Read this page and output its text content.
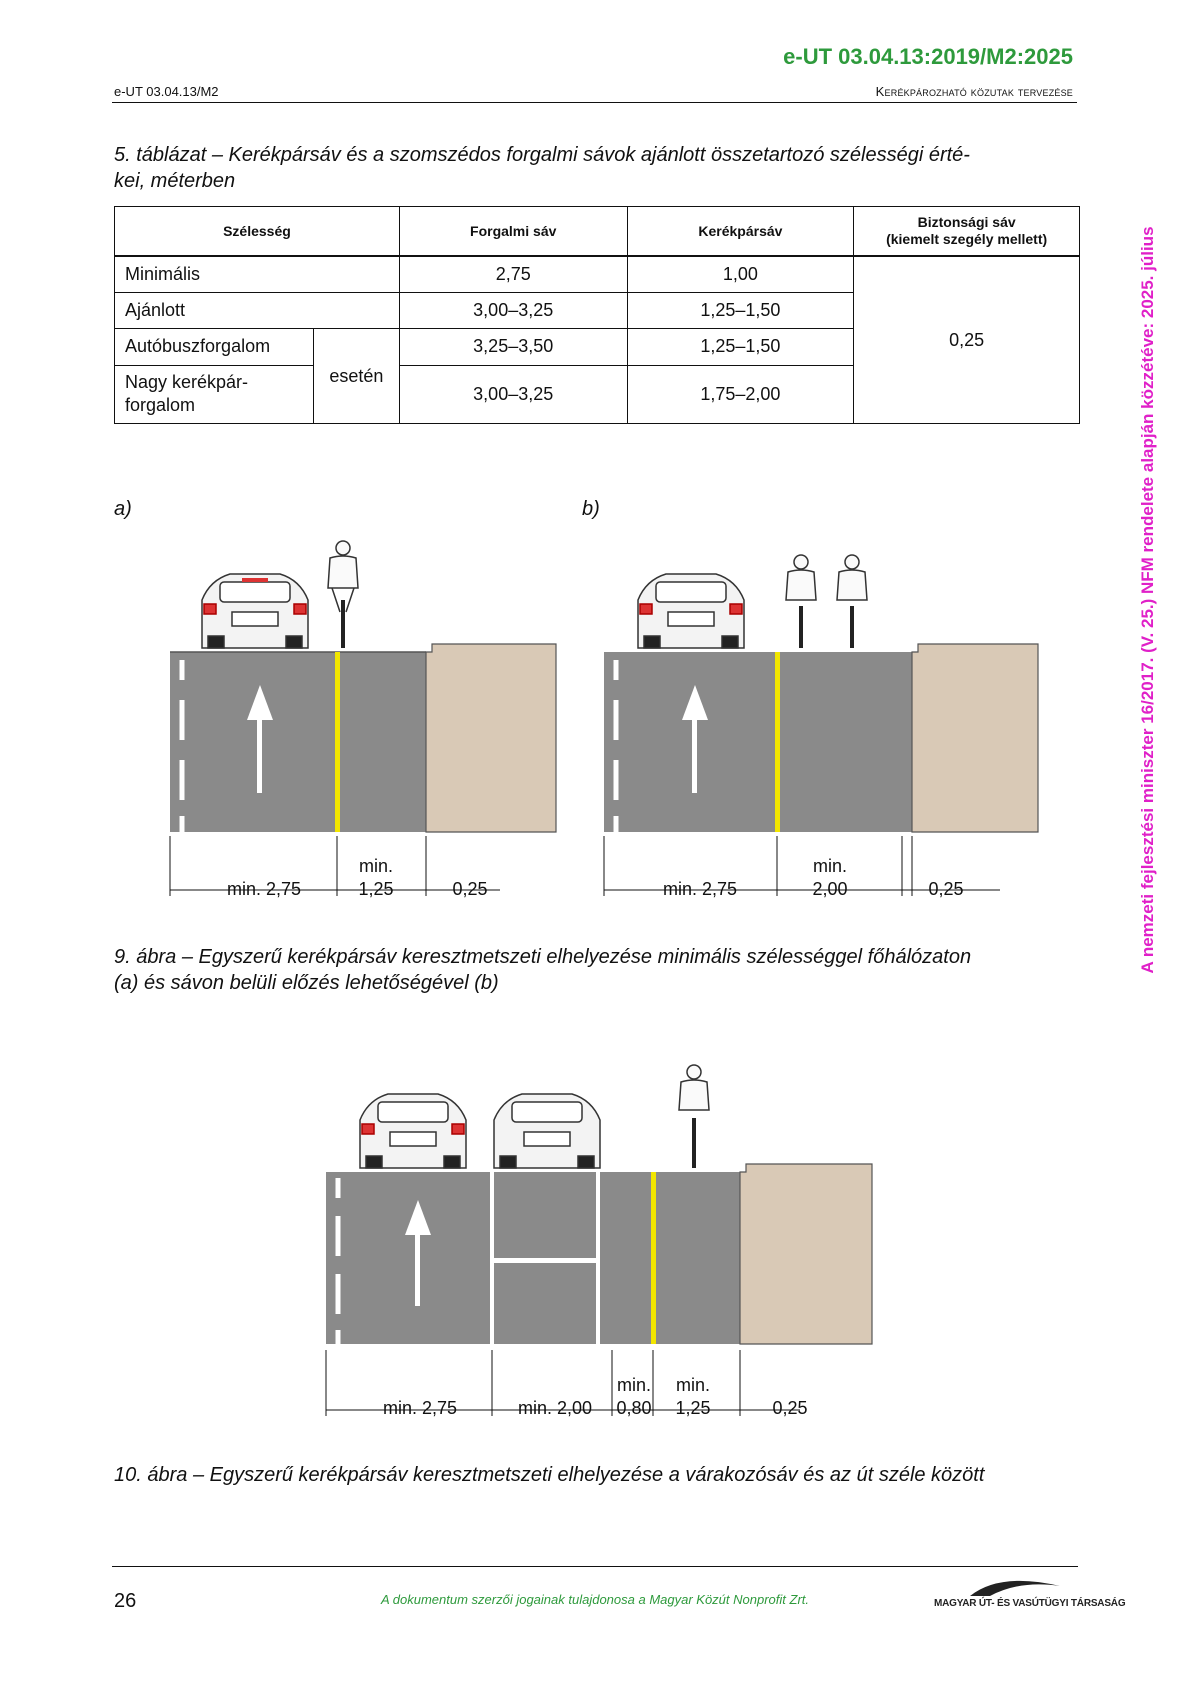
e-UT 03.04.13:2019/M2:2025
e-UT 03.04.13/M2	Kerékpározható közutak tervezése
A nemzeti fejlesztési miniszter 16/2017. (V. 25.) NFM rendelete alapján közzétéve: 2025. július
5. táblázat – Kerékpársáv és a szomszédos forgalmi sávok ajánlott összetartozó szélességi érté-
kei, méterben
Szélesség		Forgalmi sáv	Kerékpársáv	Biztonsági sáv
(kiemelt szegély mellett)

Minimális		2,75	1,00	0,25
Ajánlott		3,00–3,25	1,25–1,50	
Autóbuszforgalom	esetén	3,25–3,50	1,25–1,50	

Nagy kerékpár-
forgalom		3,00–3,25	1,75–2,00	
a)	b)
min. 2,75
min.
1,25	0,25	min. 2,75
min.
2,00	0,25
9. ábra – Egyszerű kerékpársáv keresztmetszeti elhelyezése minimális szélességgel főhálózaton
(a) és sávon belüli előzés lehetőségével (b)
min. 2,75	min. 2,00
min.
0,80
min.
1,25	0,25
10. ábra – Egyszerű kerékpársáv keresztmetszeti elhelyezése a várakozósáv és az út széle között
26	A dokumentum szerzői jogainak tulajdonosa a Magyar Közút Nonprofit Zrt.	MAGYAR ÚT- ÉS VASÚTÜGYI TÁRSASÁG
